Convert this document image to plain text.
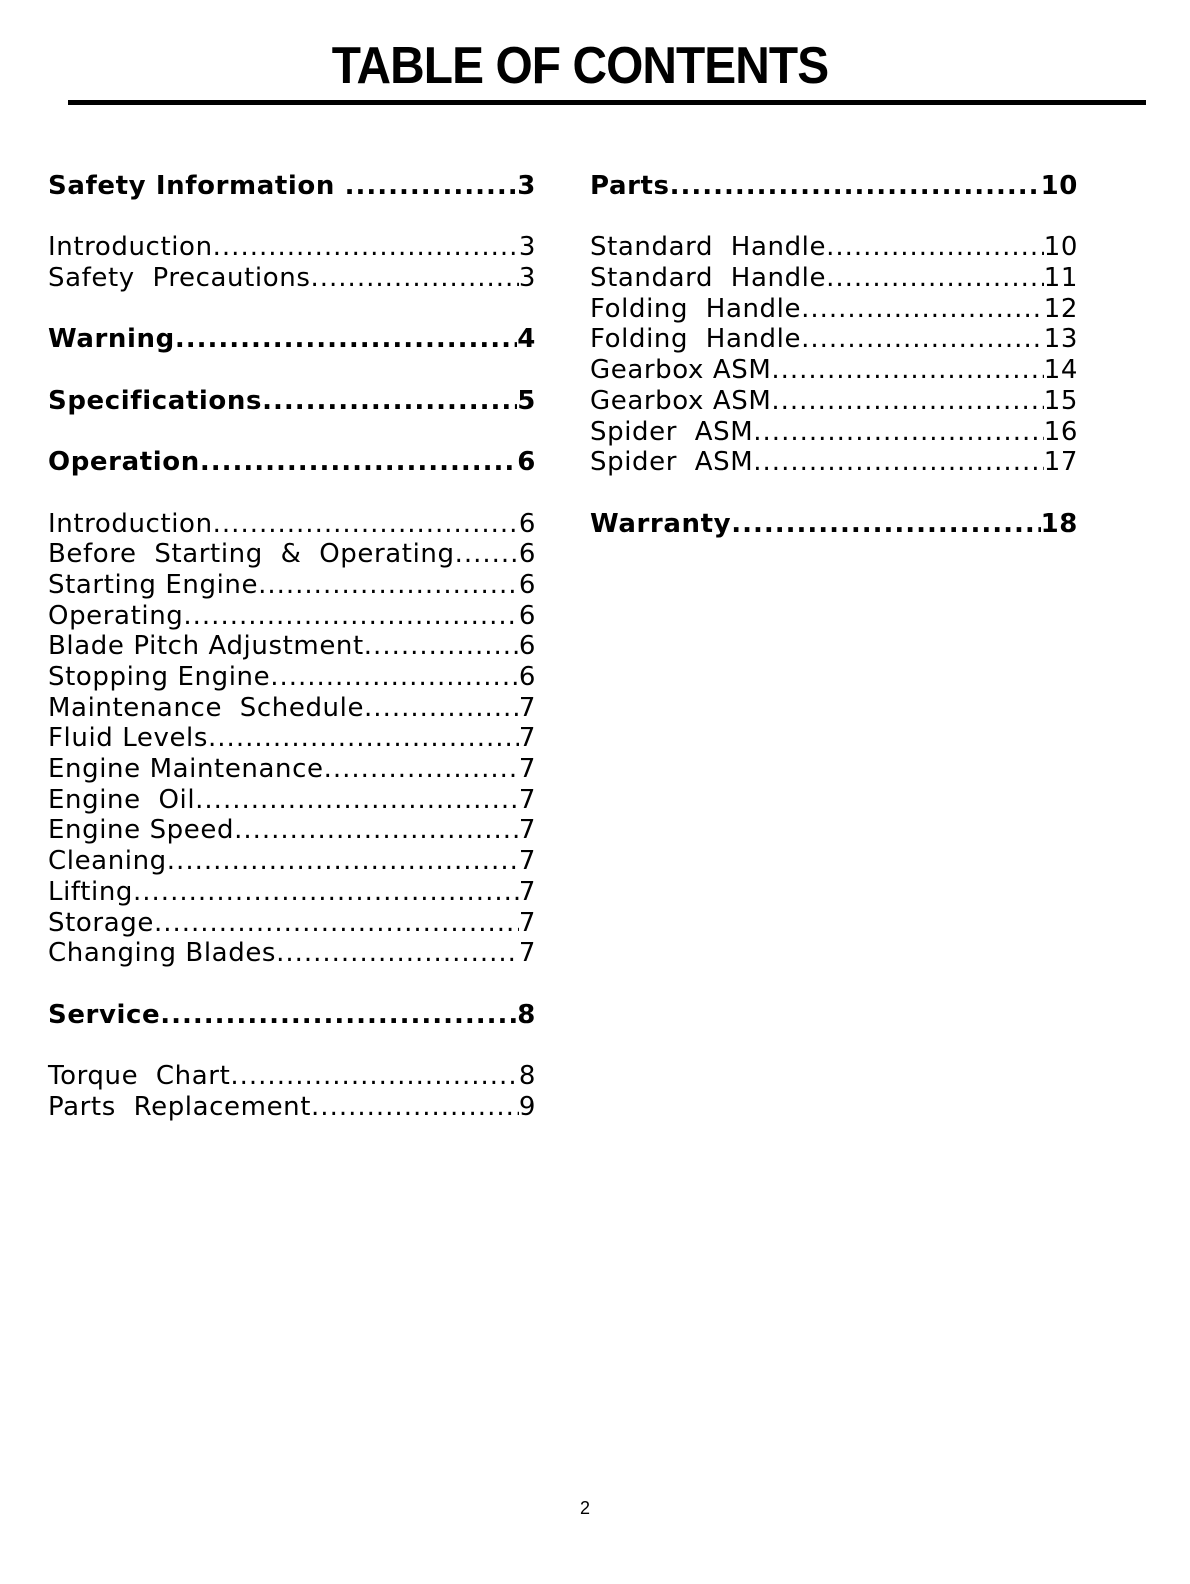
TABLE OF CONTENTS
Safety Information .....	3
Introduction .....	3
Safety  Precautions .....	3
Warning .....	4
Specifications .....	5
Operation .....	6
Introduction .....	6
Before  Starting  &  Operating ..... 6
Starting Engine .....	6
Operating .....	6
Blade Pitch Adjustment .....	6
Stopping Engine .....	6
Maintenance  Schedule .....	7
Fluid Levels .....	7
Engine Maintenance .....	7
Engine  Oil .....	7
Engine Speed .....	7
Cleaning .....	7
Lifting .....	7
Storage .....	7
Changing Blades .....	7
Service .....	8
Torque  Chart .....	8
Parts  Replacement .....	9
Parts .....	10
Standard  Handle .....	10
Standard  Handle .....	11
Folding  Handle .....	12
Folding  Handle .....	13
Gearbox ASM .....	14
Gearbox ASM .....	15
Spider  ASM .....	16
Spider  ASM .....	17
Warranty .....	18
2
